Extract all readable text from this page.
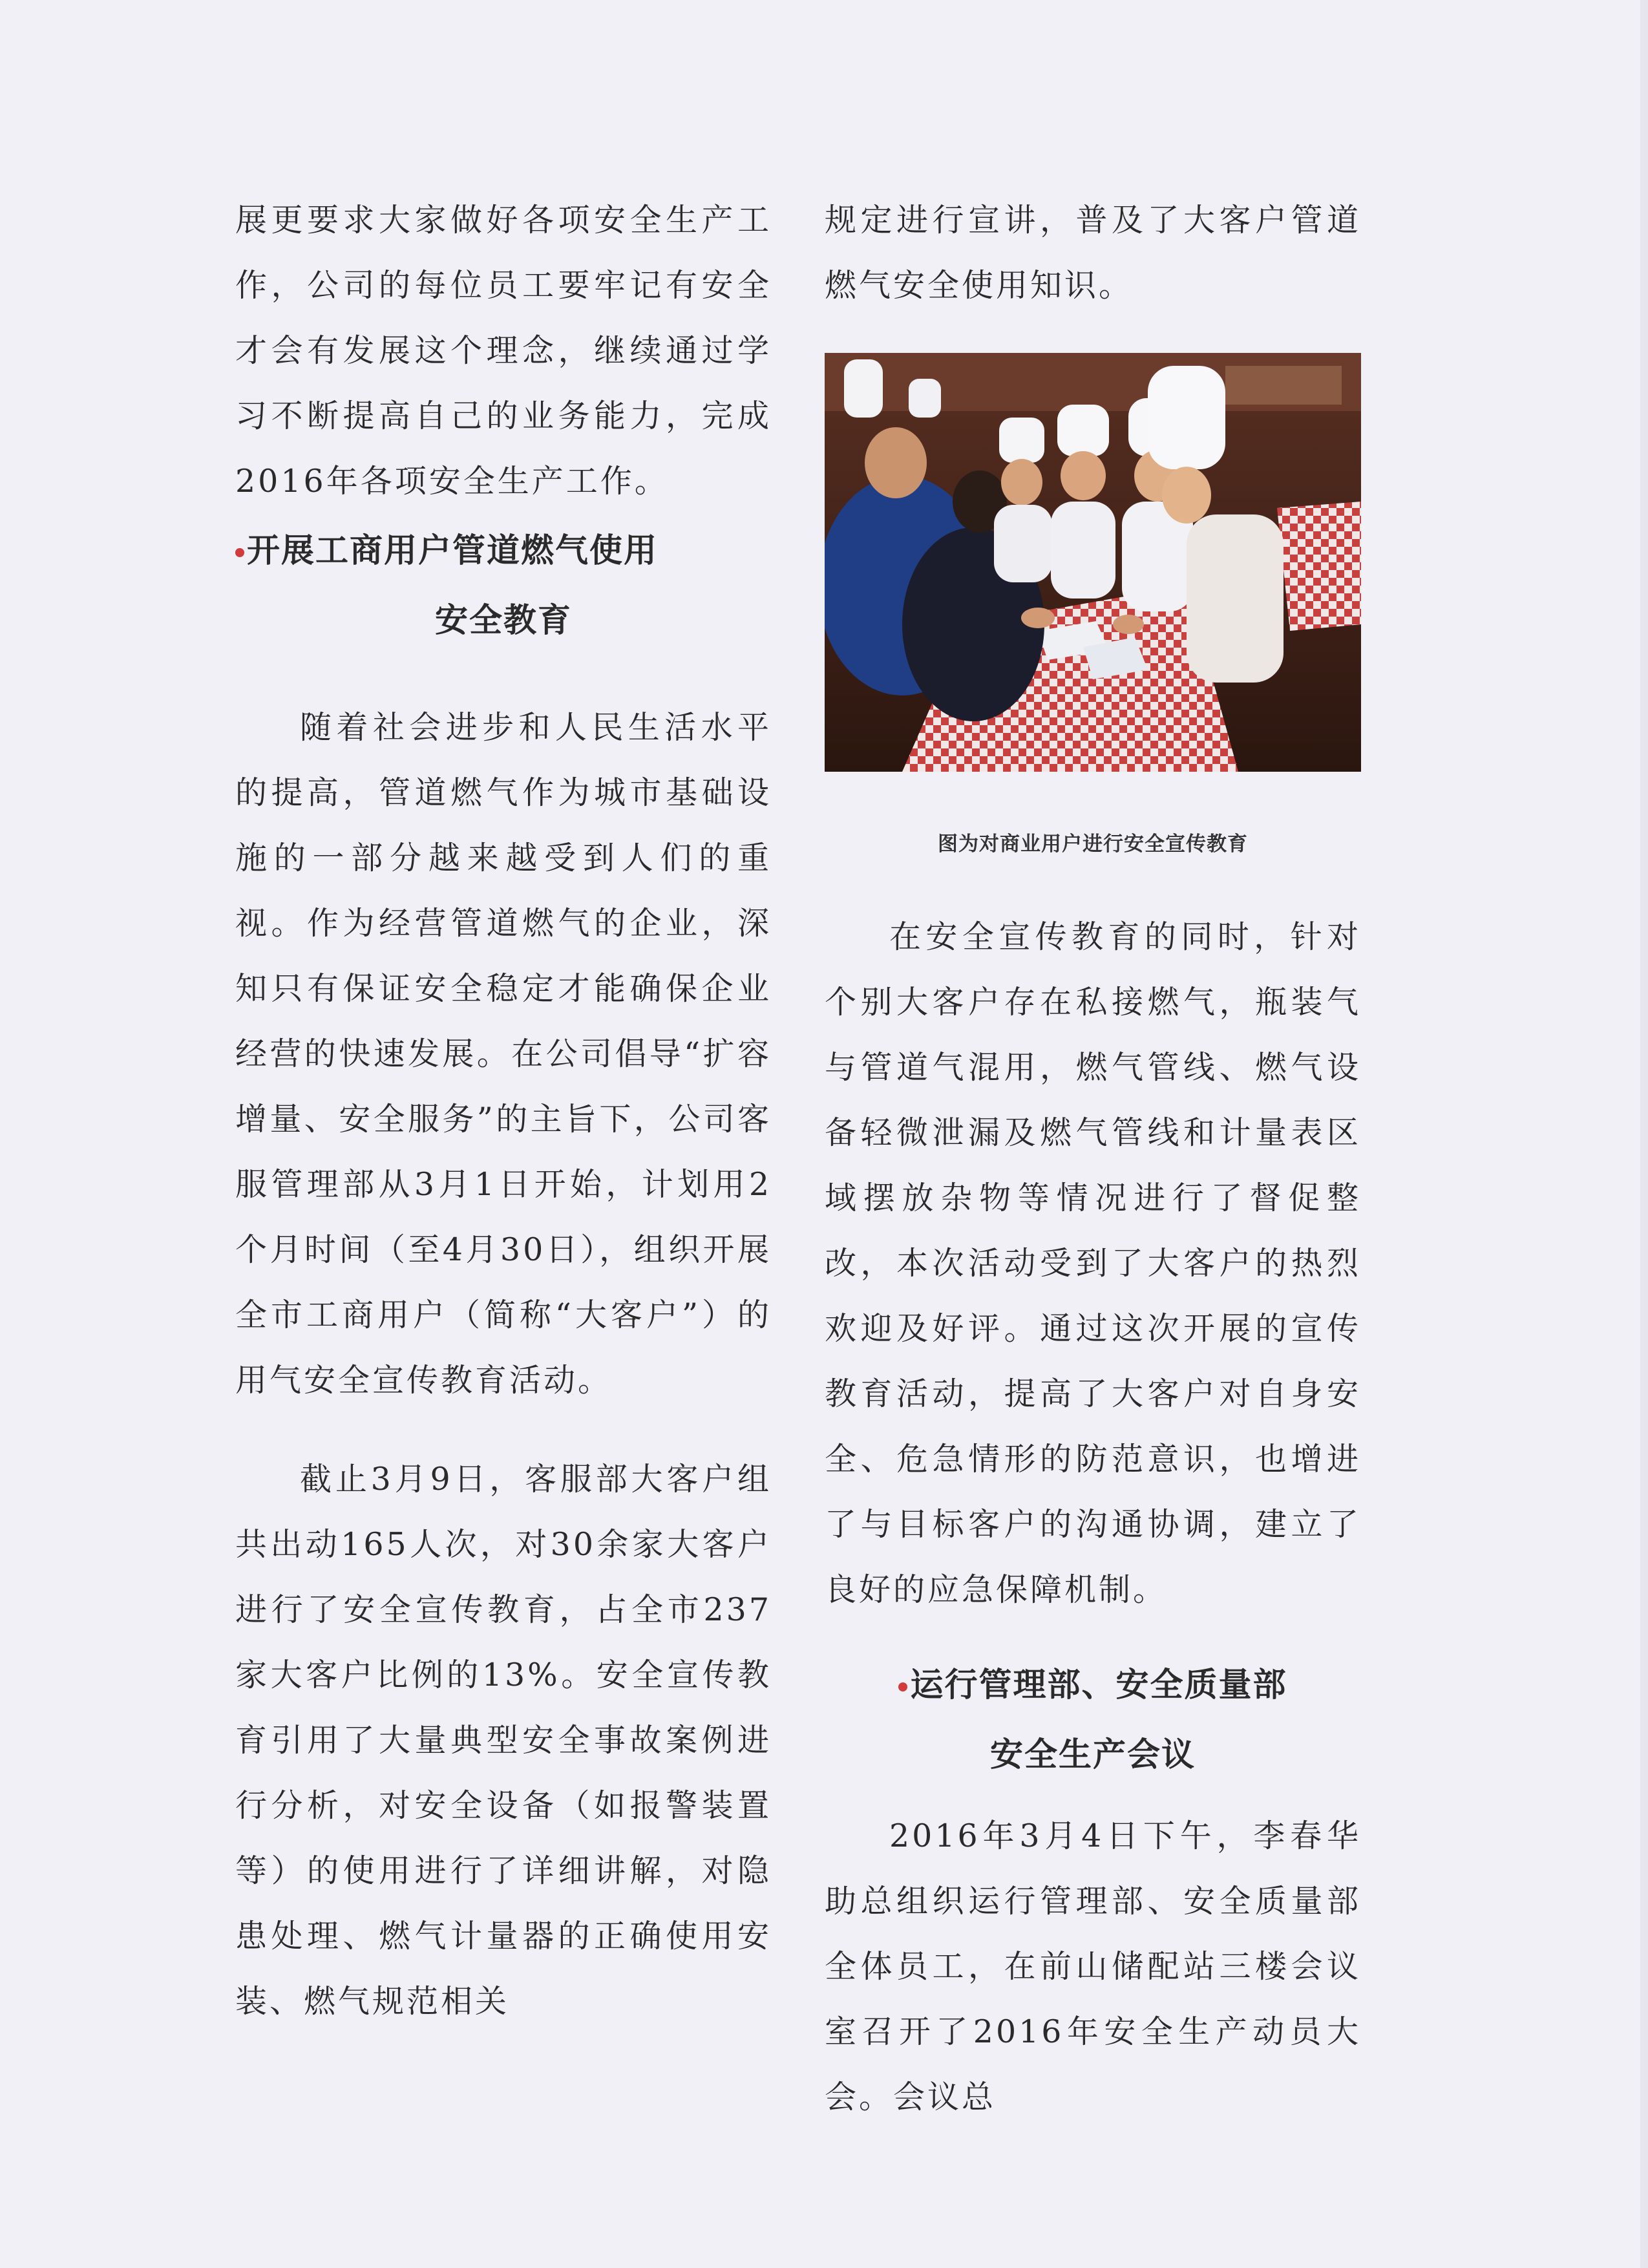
展更要求大家做好各项安全生产工作，公司的每位员工要牢记有安全才会有发展这个理念，继续通过学习不断提高自己的业务能力，完成2016年各项安全生产工作。

开展工商用户管道燃气使用
安全教育

随着社会进步和人民生活水平的提高，管道燃气作为城市基础设施的一部分越来越受到人们的重视。作为经营管道燃气的企业，深知只有保证安全稳定才能确保企业经营的快速发展。在公司倡导“扩容增量、安全服务”的主旨下，公司客服管理部从3月1日开始，计划用2个月时间（至4月30日），组织开展全市工商用户（简称“大客户”）的用气安全宣传教育活动。

截止3月9日，客服部大客户组共出动165人次，对30余家大客户进行了安全宣传教育，占全市237家大客户比例的13%。安全宣传教育引用了大量典型安全事故案例进行分析，对安全设备（如报警装置等）的使用进行了详细讲解，对隐患处理、燃气计量器的正确使用安装、燃气规范相关

规定进行宣讲，普及了大客户管道燃气安全使用知识。

图为对商业用户进行安全宣传教育

在安全宣传教育的同时，针对个别大客户存在私接燃气，瓶装气与管道气混用，燃气管线、燃气设备轻微泄漏及燃气管线和计量表区域摆放杂物等情况进行了督促整改，本次活动受到了大客户的热烈欢迎及好评。通过这次开展的宣传教育活动，提高了大客户对自身安全、危急情形的防范意识，也增进了与目标客户的沟通协调，建立了良好的应急保障机制。

运行管理部、安全质量部
安全生产会议

2016年3月4日下午，李春华助总组织运行管理部、安全质量部全体员工，在前山储配站三楼会议室召开了2016年安全生产动员大会。会议总
